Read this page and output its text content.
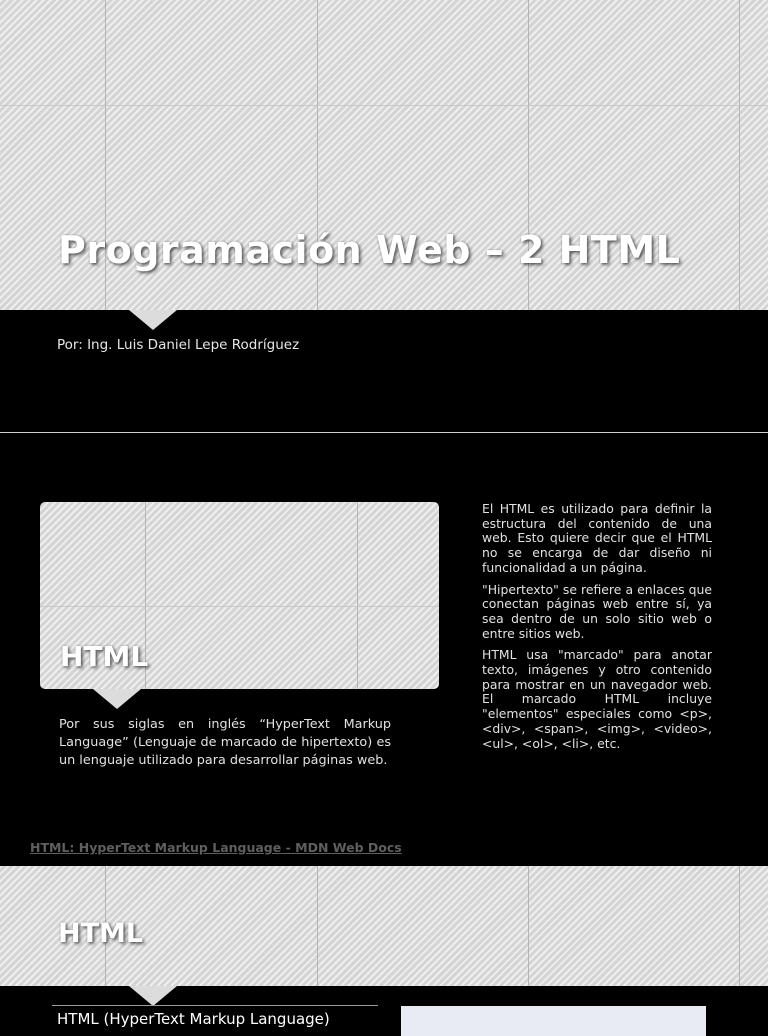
Programación Web – 2 HTML
Por: Ing. Luis Daniel Lepe Rodríguez
HTML
Por sus siglas en inglés “HyperText Markup Language” (Lenguaje de marcado de hipertexto) es un lenguaje utilizado para desarrollar páginas web.

El HTML es utilizado para definir la estructura del contenido de una web. Esto quiere decir que el HTML no se encarga de dar diseño ni funcionalidad a un página.

"Hipertexto" se refiere a enlaces que conectan páginas web entre sí, ya sea dentro de un solo sitio web o entre sitios web.

HTML usa "marcado" para anotar texto, imágenes y otro contenido para mostrar en un navegador web. El marcado HTML incluye "elementos" especiales como <p>, <div>, <span>, <img>, <video>, <ul>, <ol>, <li>, etc.

HTML: HyperText Markup Language - MDN Web Docs
HTML
HTML (HyperText Markup Language)
